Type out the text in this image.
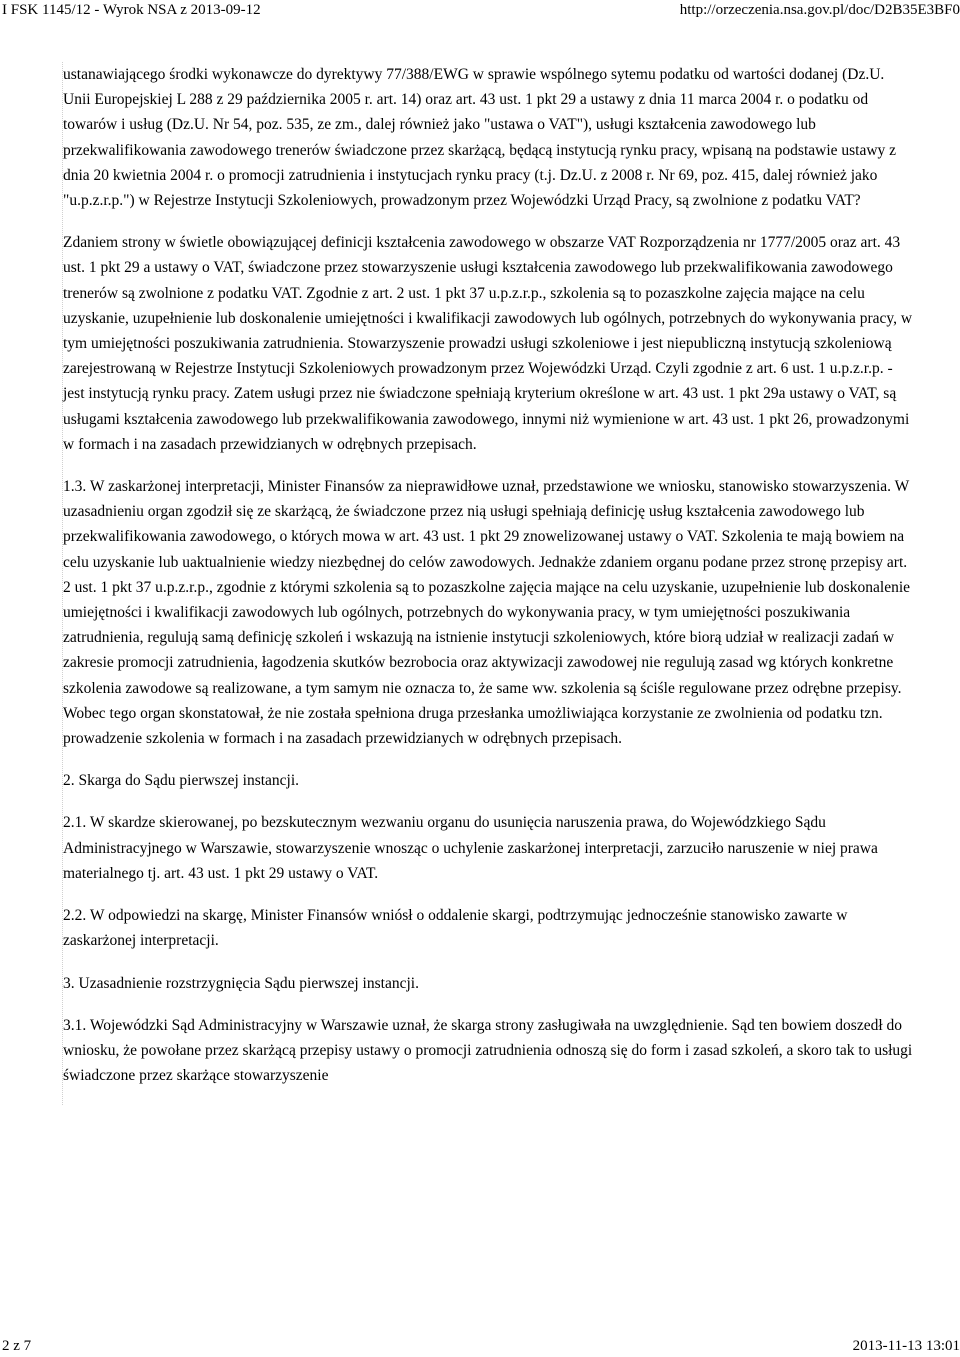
I FSK 1145/12 - Wyrok NSA z 2013-09-12	http://orzeczenia.nsa.gov.pl/doc/D2B35E3BF0

ustanawiającego środki wykonawcze do dyrektywy 77/388/EWG w sprawie wspólnego sytemu podatku od wartości dodanej (Dz.U. Unii Europejskiej L 288 z 29 października 2005 r. art. 14) oraz art. 43 ust. 1 pkt 29 a ustawy z dnia 11 marca 2004 r. o podatku od towarów i usług (Dz.U. Nr 54, poz. 535, ze zm., dalej również jako "ustawa o VAT"), usługi kształcenia zawodowego lub przekwalifikowania zawodowego trenerów świadczone przez skarżącą, będącą instytucją rynku pracy, wpisaną na podstawie ustawy z dnia 20 kwietnia 2004 r. o promocji zatrudnienia i instytucjach rynku pracy (t.j. Dz.U. z 2008 r. Nr 69, poz. 415, dalej również jako "u.p.z.r.p.") w Rejestrze Instytucji Szkoleniowych, prowadzonym przez Wojewódzki Urząd Pracy, są zwolnione z podatku VAT?

Zdaniem strony w świetle obowiązującej definicji kształcenia zawodowego w obszarze VAT Rozporządzenia nr 1777/2005 oraz art. 43 ust. 1 pkt 29 a ustawy o VAT, świadczone przez stowarzyszenie usługi kształcenia zawodowego lub przekwalifikowania zawodowego trenerów są zwolnione z podatku VAT. Zgodnie z art. 2 ust. 1 pkt 37 u.p.z.r.p., szkolenia są to pozaszkolne zajęcia mające na celu uzyskanie, uzupełnienie lub doskonalenie umiejętności i kwalifikacji zawodowych lub ogólnych, potrzebnych do wykonywania pracy, w tym umiejętności poszukiwania zatrudnienia. Stowarzyszenie prowadzi usługi szkoleniowe i jest niepubliczną instytucją szkoleniową zarejestrowaną w Rejestrze Instytucji Szkoleniowych prowadzonym przez Wojewódzki Urząd. Czyli zgodnie z art. 6 ust. 1 u.p.z.r.p. - jest instytucją rynku pracy. Zatem usługi przez nie świadczone spełniają kryterium określone w art. 43 ust. 1 pkt 29a ustawy o VAT, są usługami kształcenia zawodowego lub przekwalifikowania zawodowego, innymi niż wymienione w art. 43 ust. 1 pkt 26, prowadzonymi w formach i na zasadach przewidzianych w odrębnych przepisach.

1.3. W zaskarżonej interpretacji, Minister Finansów za nieprawidłowe uznał, przedstawione we wniosku, stanowisko stowarzyszenia. W uzasadnieniu organ zgodził się ze skarżącą, że świadczone przez nią usługi spełniają definicję usług kształcenia zawodowego lub przekwalifikowania zawodowego, o których mowa w art. 43 ust. 1 pkt 29 znowelizowanej ustawy o VAT. Szkolenia te mają bowiem na celu uzyskanie lub uaktualnienie wiedzy niezbędnej do celów zawodowych. Jednakże zdaniem organu podane przez stronę przepisy art. 2 ust. 1 pkt 37 u.p.z.r.p., zgodnie z którymi szkolenia są to pozaszkolne zajęcia mające na celu uzyskanie, uzupełnienie lub doskonalenie umiejętności i kwalifikacji zawodowych lub ogólnych, potrzebnych do wykonywania pracy, w tym umiejętności poszukiwania zatrudnienia, regulują samą definicję szkoleń i wskazują na istnienie instytucji szkoleniowych, które biorą udział w realizacji zadań w zakresie promocji zatrudnienia, łagodzenia skutków bezrobocia oraz aktywizacji zawodowej nie regulują zasad wg których konkretne szkolenia zawodowe są realizowane, a tym samym nie oznacza to, że same ww. szkolenia są ściśle regulowane przez odrębne przepisy. Wobec tego organ skonstatował, że nie została spełniona druga przesłanka umożliwiająca korzystanie ze zwolnienia od podatku tzn. prowadzenie szkolenia w formach i na zasadach przewidzianych w odrębnych przepisach.

2. Skarga do Sądu pierwszej instancji.

2.1. W skardze skierowanej, po bezskutecznym wezwaniu organu do usunięcia naruszenia prawa, do Wojewódzkiego Sądu Administracyjnego w Warszawie, stowarzyszenie wnosząc o uchylenie zaskarżonej interpretacji, zarzuciło naruszenie w niej prawa materialnego tj. art. 43 ust. 1 pkt 29 ustawy o VAT.

2.2. W odpowiedzi na skargę, Minister Finansów wniósł o oddalenie skargi, podtrzymując jednocześnie stanowisko zawarte w zaskarżonej interpretacji.

3. Uzasadnienie rozstrzygnięcia Sądu pierwszej instancji.

3.1. Wojewódzki Sąd Administracyjny w Warszawie uznał, że skarga strony zasługiwała na uwzględnienie. Sąd ten bowiem doszedł do wniosku, że powołane przez skarżącą przepisy ustawy o promocji zatrudnienia odnoszą się do form i zasad szkoleń, a skoro tak to usługi świadczone przez skarżące stowarzyszenie

2 z 7	2013-11-13 13:01
